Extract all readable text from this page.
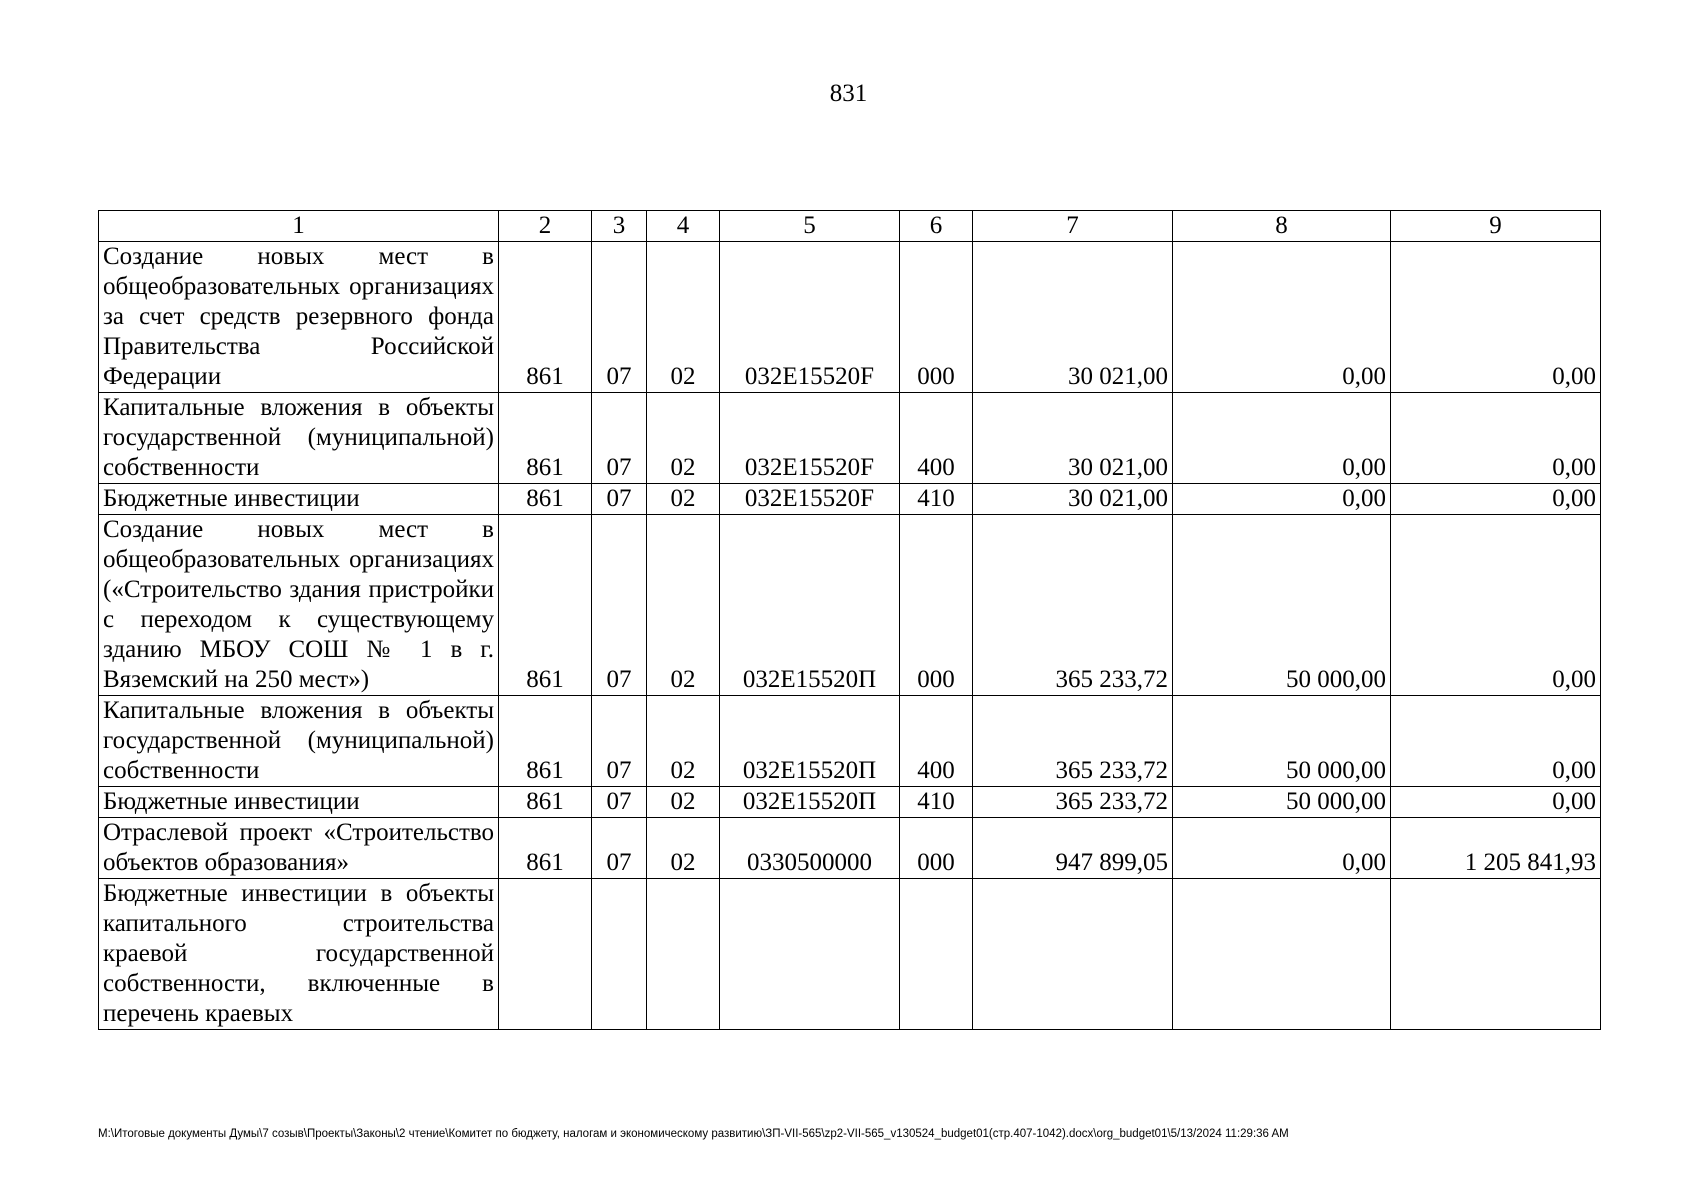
831
1	2	3	4	5	6	7	8	9
Создание новых мест в общеобразовательных организациях за счет средств резервного фонда Правительства Российской Федерации	861	07	02	032E15520F	000	30 021,00	0,00	0,00
Капитальные вложения в объекты государственной (муниципальной) собственности	861	07	02	032E15520F	400	30 021,00	0,00	0,00
Бюджетные инвестиции	861	07	02	032E15520F	410	30 021,00	0,00	0,00
Создание новых мест в общеобразовательных организациях («Строительство здания пристройки с переходом к существующему зданию МБОУ СОШ № 1 в г. Вяземский на 250 мест»)	861	07	02	032E15520П	000	365 233,72	50 000,00	0,00
Капитальные вложения в объекты государственной (муниципальной) собственности	861	07	02	032E15520П	400	365 233,72	50 000,00	0,00
Бюджетные инвестиции	861	07	02	032E15520П	410	365 233,72	50 000,00	0,00
Отраслевой проект «Строительство объектов образования»	861	07	02	0330500000	000	947 899,05	0,00	1 205 841,93

Бюджетные инвестиции в объекты капитального строительства краевой государственной собственности, включенные в перечень краевых								

M:\Итоговые документы Думы\7 созыв\Проекты\Законы\2 чтение\Комитет по бюджету, налогам и экономическому развитию\ЗП-VII-565\zp2-VII-565_v130524_budget01(стр.407-1042).docx\org_budget01\5/13/2024 11:29:36 AM
